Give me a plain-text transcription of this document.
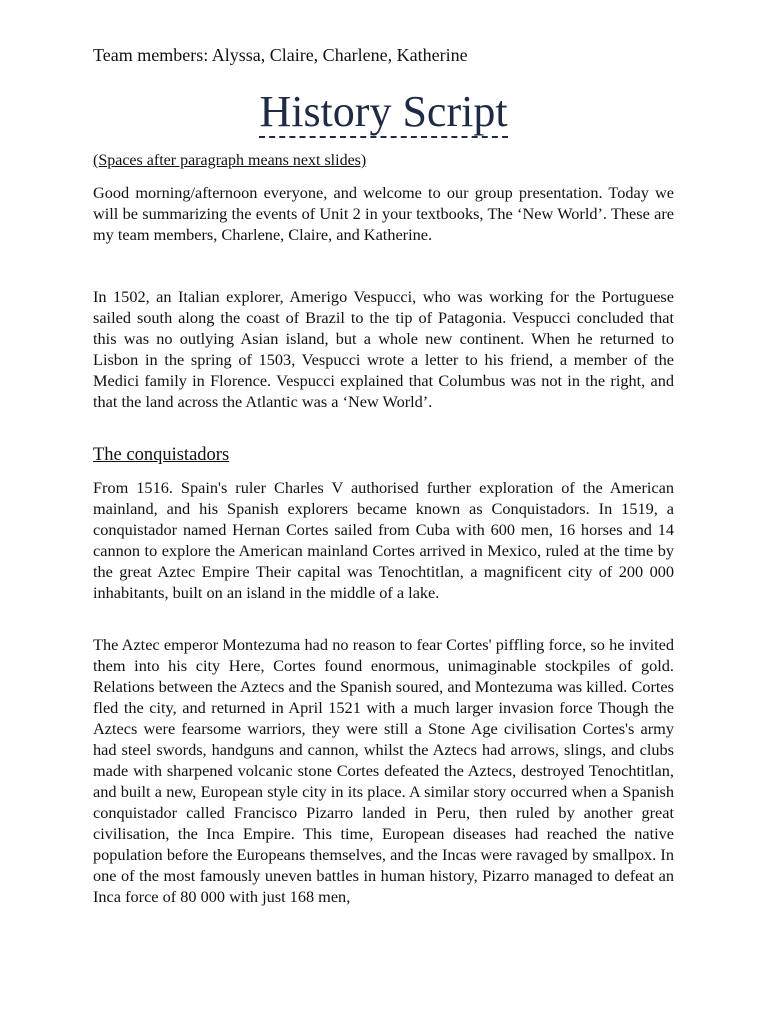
Team members: Alyssa, Claire, Charlene, Katherine
History Script
(Spaces after paragraph means next slides)

Good morning/afternoon everyone, and welcome to our group presentation. Today we will be summarizing the events of Unit 2 in your textbooks, The ‘New World’. These are my team members, Charlene, Claire, and Katherine.

In 1502, an Italian explorer, Amerigo Vespucci, who was working for the Portuguese sailed south along the coast of Brazil to the tip of Patagonia. Vespucci concluded that this was no outlying Asian island, but a whole new continent. When he returned to Lisbon in the spring of 1503, Vespucci wrote a letter to his friend, a member of the Medici family in Florence. Vespucci explained that Columbus was not in the right, and that the land across the Atlantic was a ‘New World’.

The conquistadors

From 1516. Spain's ruler Charles V authorised further exploration of the American mainland, and his Spanish explorers became known as Conquistadors. In 1519, a conquistador named Hernan Cortes sailed from Cuba with 600 men, 16 horses and 14 cannon to explore the American mainland Cortes arrived in Mexico, ruled at the time by the great Aztec Empire Their capital was Tenochtitlan, a magnificent city of 200 000 inhabitants, built on an island in the middle of a lake.

The Aztec emperor Montezuma had no reason to fear Cortes' piffling force, so he invited them into his city Here, Cortes found enormous, unimaginable stockpiles of gold. Relations between the Aztecs and the Spanish soured, and Montezuma was killed. Cortes fled the city, and returned in April 1521 with a much larger invasion force Though the Aztecs were fearsome warriors, they were still a Stone Age civilisation Cortes's army had steel swords, handguns and cannon, whilst the Aztecs had arrows, slings, and clubs made with sharpened volcanic stone Cortes defeated the Aztecs, destroyed Tenochtitlan, and built a new, European style city in its place. A similar story occurred when a Spanish conquistador called Francisco Pizarro landed in Peru, then ruled by another great civilisation, the Inca Empire. This time, European diseases had reached the native population before the Europeans themselves, and the Incas were ravaged by smallpox. In one of the most famously uneven battles in human history, Pizarro managed to defeat an Inca force of 80 000 with just 168 men,
